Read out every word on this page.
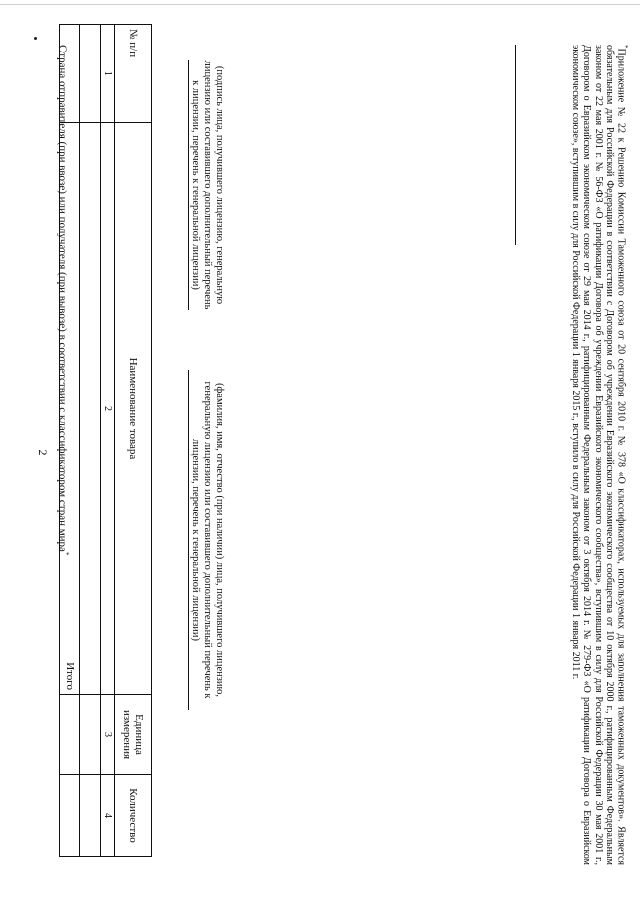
2 Страна отправителя (при ввозе) или получателя (при вывозе) в соответствии с классификатором стран мира*
№ п/п	Наименование товара	Единица измерения	Количество
1	2	3	4

	Итого		
(подпись лица, получившего лицензию, генеральную лицензию или составившего дополнительный перечень к лицензии, перечень к генеральной лицензии)
(фамилия, имя, отчество (при наличии) лица, получившего лицензию, генеральную лицензию или составившего дополнительный перечень к лицензии, перечень к генеральной лицензии)
*Приложение № 22 к Решению Комиссии Таможенного союза от 20 сентября 2010 г. № 378 «О классификаторах, используемых для заполнения таможенных документов». Является обязательным для Российской Федерации в соответствии с Договором об учреждении Евразийского экономического сообщества от 10 октября 2000 г., ратифицированным Федеральным законом от 22 мая 2001 г. № 56-ФЗ «О ратификации Договора об учреждении Евразийского экономического сообщества», вступившим в силу для Российской Федерации 30 мая 2001 г., Договором о Евразийском экономическом союзе от 29 мая 2014 г., ратифицированным Федеральным законом от 3 октября 2014 г. № 279-ФЗ «О ратификации Договора о Евразийском экономическом союзе», вступившим в силу для Российской Федерации 1 января 2015 г., вступило в силу для Российской Федерации 1 января 2011 г.
